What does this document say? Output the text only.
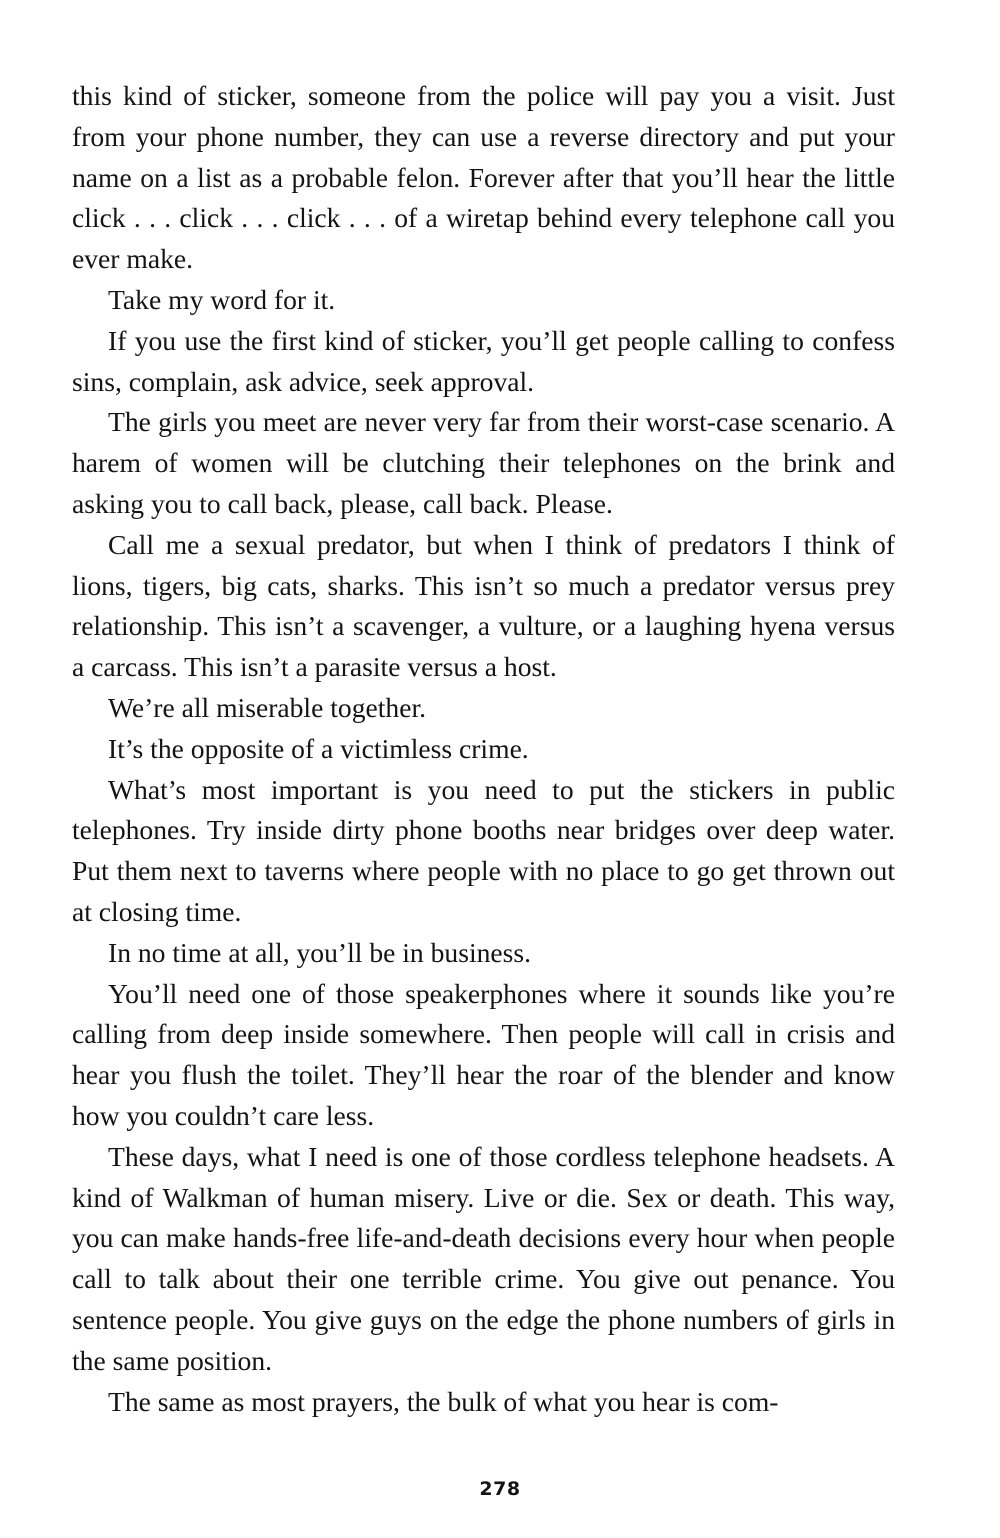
this kind of sticker, someone from the police will pay you a visit. Just from your phone number, they can use a reverse directory and put your name on a list as a probable felon. Forever after that you’ll hear the little click . . . click . . . click . . . of a wiretap behind every telephone call you ever make.

Take my word for it.

If you use the first kind of sticker, you’ll get people calling to confess sins, complain, ask advice, seek approval.

The girls you meet are never very far from their worst-case scenario. A harem of women will be clutching their telephones on the brink and asking you to call back, please, call back. Please.

Call me a sexual predator, but when I think of predators I think of lions, tigers, big cats, sharks. This isn’t so much a predator versus prey relationship. This isn’t a scavenger, a vulture, or a laughing hyena versus a carcass. This isn’t a parasite versus a host.

We’re all miserable together.

It’s the opposite of a victimless crime.

What’s most important is you need to put the stickers in public telephones. Try inside dirty phone booths near bridges over deep water. Put them next to taverns where people with no place to go get thrown out at closing time.

In no time at all, you’ll be in business.

You’ll need one of those speakerphones where it sounds like you’re calling from deep inside somewhere. Then people will call in crisis and hear you flush the toilet. They’ll hear the roar of the blender and know how you couldn’t care less.

These days, what I need is one of those cordless telephone headsets. A kind of Walkman of human misery. Live or die. Sex or death. This way, you can make hands-free life-and-death decisions every hour when people call to talk about their one terrible crime. You give out penance. You sentence people. You give guys on the edge the phone numbers of girls in the same position.

The same as most prayers, the bulk of what you hear is com-

278
